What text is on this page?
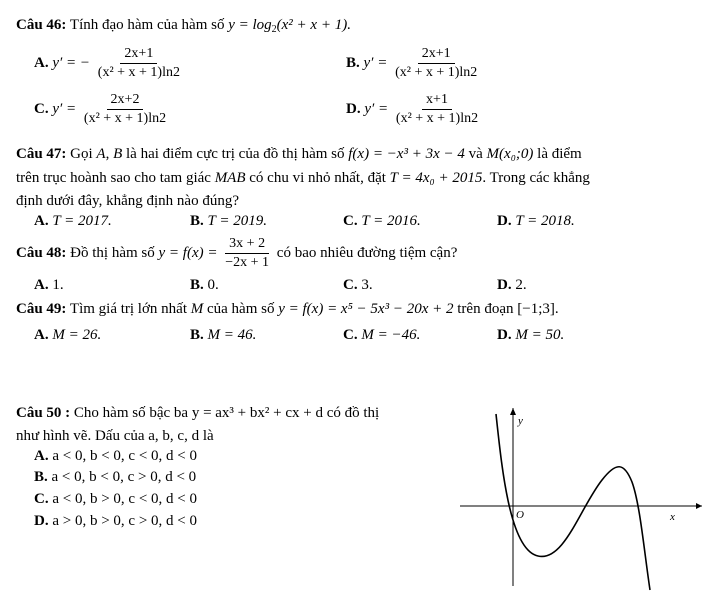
Câu 46: Tính đạo hàm của hàm số $y = \log_2(x^2 + x + 1)$.
A. y′ = − $\frac{2x+1}{\text{(x² + x + 1)ln2}}$	B. $y' = \frac{2x+1}{\text{(x² + x + 1)ln2}}$
C. $y' = \frac{2x+2}{\text{(x² + x + 1)ln2}}$	D. $y' = \frac{x+1}{\text{(x² + x + 1)ln2}}$
Câu 47: Gọi A, B là hai điểm cực trị của đồ thị hàm số f(x) = −x³ + 3x − 4 và M(x₀;0) là điểm
trên trục hoành sao cho tam giác MAB có chu vi nhỏ nhất, đặt T = 4x₀ + 2015. Trong các khẳng
định dưới đây, khẳng định nào đúng?
A. T = 2017.	B. T = 2019.	C. T = 2016.	D. T = 2018.
Câu 48: Đồ thị hàm số $y = f(x) = \frac{3x + 2}{-2x + 1}$ có bao nhiêu đường tiệm cận?
A. 1.	B. 0.	C. 3.	D. 2.
Câu 49: Tìm giá trị lớn nhất M của hàm số y = f(x) = x⁵ − 5x³ − 20x + 2 trên đoạn [−1;3].
A. M = 26.	B. M = 46.	C. M = −46.	D. M = 50.
Câu 50 : Cho hàm số bậc ba y = ax³ + bx² + cx + d có đồ thị
như hình vẽ. Dấu của a, b, c, d là
A. a < 0, b < 0, c < 0, d < 0
B. a < 0, b < 0, c > 0, d < 0
C. a < 0, b > 0, c < 0, d < 0
D. a > 0, b > 0, c > 0, d < 0
y
x
O
